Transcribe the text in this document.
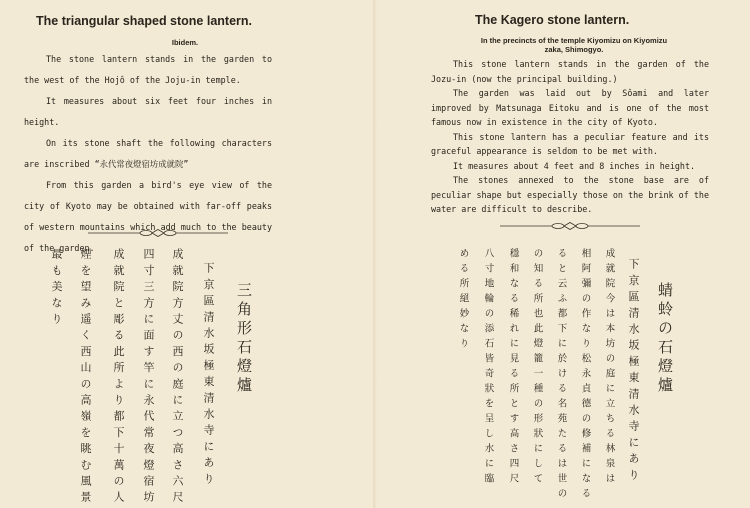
The triangular shaped stone lantern.
Ibidem.

The stone lantern stands in the garden to the west of the Hojô of the Joju-in temple.

It measures about six feet four inches in height.

On its stone shaft the following characters are inscribed “永代常夜燈宿坊成就院”

From this garden a bird's eye view of the city of Kyoto may be obtained with far-off peaks of western mountains which add much to the beauty of the garden.

三角形石燈爐
下京區清水坂極東清水寺にあり
成就院方丈の西の庭に立つ高さ六尺
四寸三方に面す竿に永代常夜燈宿坊
成就院と彫る此所より都下十萬の人
煙を望み遥く西山の高嶺を眺む風景
最も美なり
The Kagero stone lantern.
In the precincts of the temple Kiyomizu on Kiyomizu
zaka, Shimogyo.

This stone lantern stands in the garden of the Jozu-in (now the principal building.)

The garden was laid out by Sôami and later improved by Matsunaga Eitoku and is one of the most famous now in existence in the city of Kyoto.

This stone lantern has a peculiar feature and its graceful appearance is seldom to be met with.

It measures about 4 feet and 8 inches in height.

The stones annexed to the stone base are of peculiar shape but especially those on the brink of the water are difficult to describe.

蜻蛉の石燈爐
下京區清水坂極東清水寺にあり
成就院今は本坊の庭に立ちる林泉は
相阿彌の作なり松永貞德の修補になる
ると云ふ都下に於ける名苑たるは世の
の知る所也此燈籠一種の形狀にして
穩和なる稀れに見る所とす高さ四尺
八寸地輪の添石皆奇狀を呈し水に臨
める所絕妙なり
